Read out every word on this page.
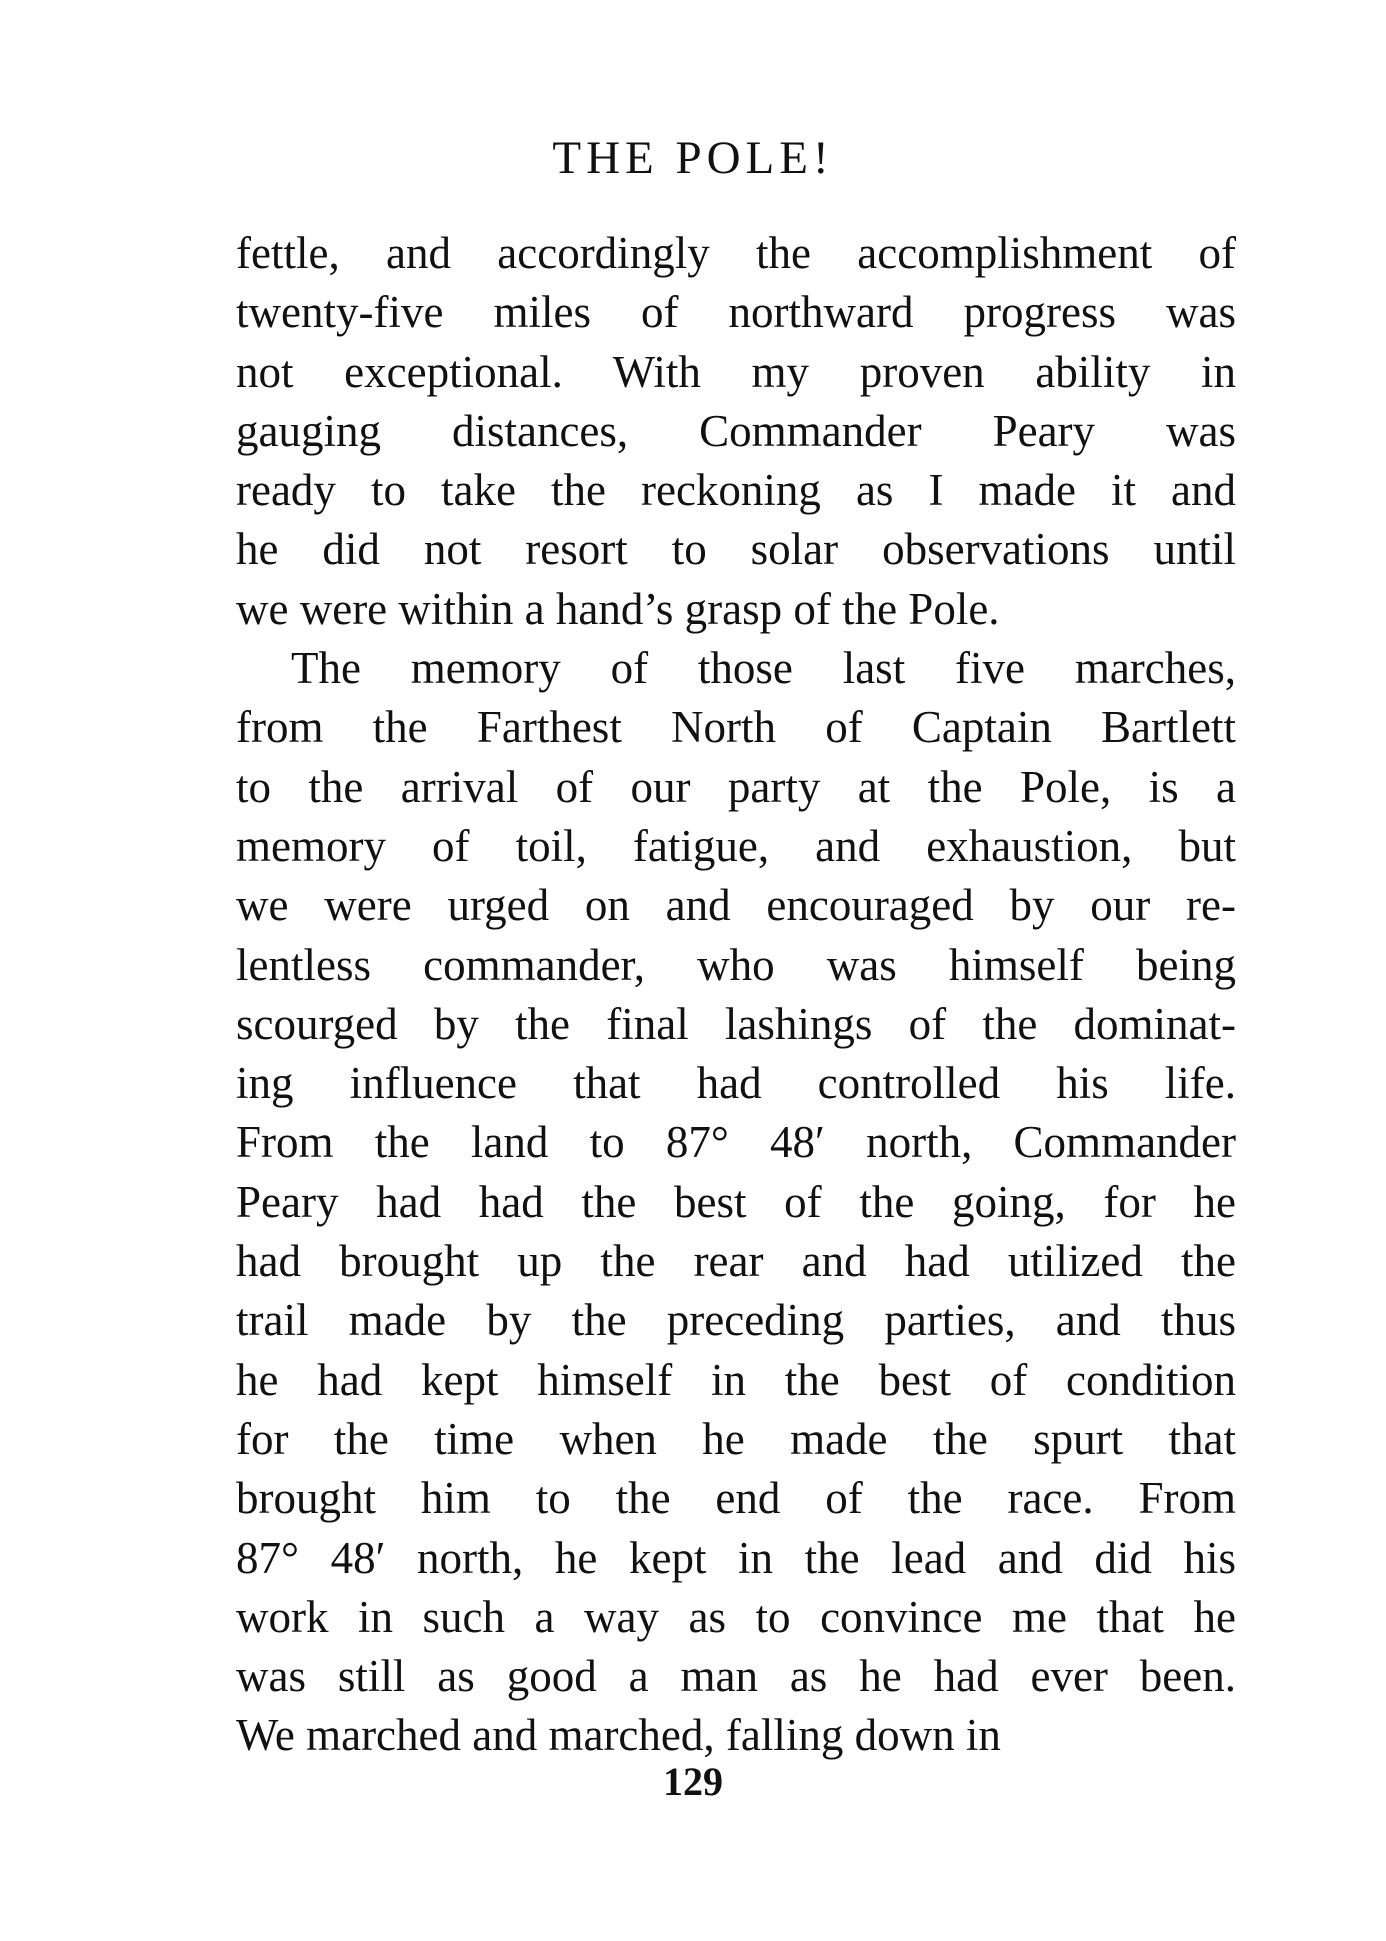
THE POLE!
fettle, and accordingly the accomplishment of
twenty-five miles of northward progress was
not exceptional. With my proven ability in
gauging distances, Commander Peary was
ready to take the reckoning as I made it and
he did not resort to solar observations until
we were within a hand’s grasp of the Pole.
The memory of those last five marches,
from the Farthest North of Captain Bartlett
to the arrival of our party at the Pole, is a
memory of toil, fatigue, and exhaustion, but
we were urged on and encouraged by our re-
lentless commander, who was himself being
scourged by the final lashings of the dominat-
ing influence that had controlled his life.
From the land to 87° 48′ north, Commander
Peary had had the best of the going, for he
had brought up the rear and had utilized the
trail made by the preceding parties, and thus
he had kept himself in the best of condition
for the time when he made the spurt that
brought him to the end of the race. From
87° 48′ north, he kept in the lead and did his
work in such a way as to convince me that he
was still as good a man as he had ever been.
We marched and marched, falling down in
129
